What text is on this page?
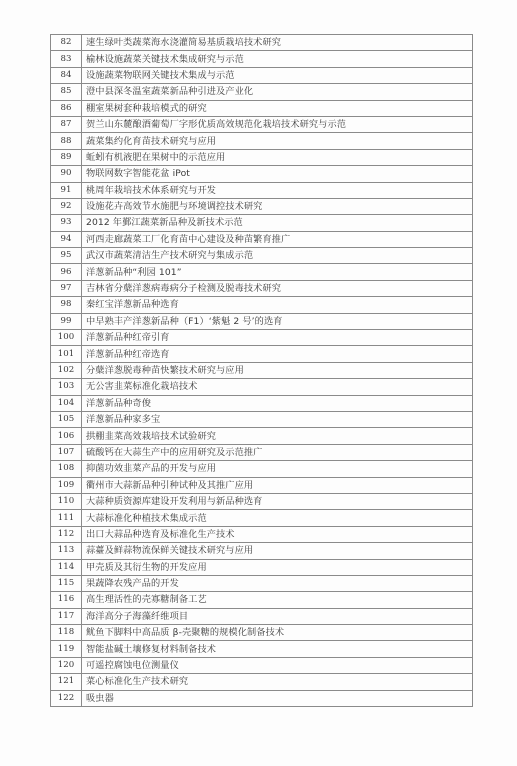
82	速生绿叶类蔬菜海水浇灌简易基质栽培技术研究
83	榆林设施蔬菜关键技术集成研究与示范
84	设施蔬菜物联网关键技术集成与示范
85	澄中县深冬温室蔬菜新品种引进及产业化
86	棚室果树套种栽培模式的研究
87	贺兰山东麓酿酒葡萄厂字形优质高效规范化栽培技术研究与示范
88	蔬菜集约化育苗技术研究与应用
89	蚯蚓有机液肥在果树中的示范应用
90	物联网数字智能花盆 iPot
91	桃周年栽培技术体系研究与开发
92	设施花卉高效节水施肥与环境调控技术研究
93	2012 年鄞江蔬菜新品种及新技术示范
94	河西走廊蔬菜工厂化育苗中心建设及种苗繁育推广
95	武汉市蔬菜清洁生产技术研究与集成示范
96	洋葱新品种“利园 101”
97	吉林省分蘖洋葱病毒病分子检测及脱毒技术研究
98	秦红宝洋葱新品种选育
99	中早熟丰产洋葱新品种（F1）‘紫魁 2 号’的选育
100	洋葱新品种红帝引育
101	洋葱新品种红帝选育
102	分蘖洋葱脱毒种苗快繁技术研究与应用
103	无公害韭菜标准化栽培技术
104	洋葱新品种奇俊
105	洋葱新品种家多宝
106	拱棚韭菜高效栽培技术试验研究
107	硫酸钙在大蒜生产中的应用研究及示范推广
108	抑菌功效韭菜产品的开发与应用
109	衢州市大蒜新品种引种试种及其推广应用
110	大蒜种质资源库建设开发利用与新品种选育
111	大蒜标准化种植技术集成示范
112	出口大蒜品种选育及标准化生产技术
113	蒜薹及鲜蒜物流保鲜关键技术研究与应用
114	甲壳质及其衍生物的开发应用
115	果蔬降农残产品的开发
116	高生理活性的壳寡糖制备工艺
117	海洋高分子海藻纤维项目
118	鱿鱼下脚料中高品质 β-壳聚糖的规模化制备技术
119	智能盐碱土壤修复材料制备技术
120	可遥控腐蚀电位测量仪
121	菜心标准化生产技术研究
122	吸虫器
